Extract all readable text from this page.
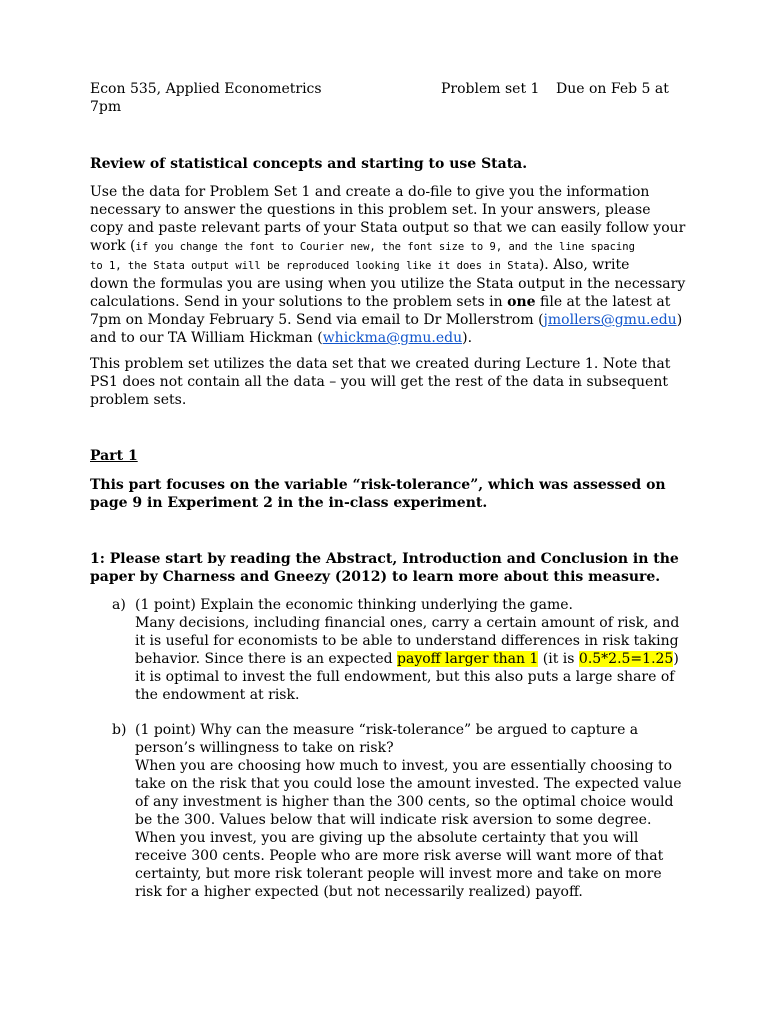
Econ 535, Applied Econometrics	Problem set 1 Due on Feb 5 at
7pm
Review of statistical concepts and starting to use Stata.
Use the data for Problem Set 1 and create a do-file to give you the information
necessary to answer the questions in this problem set. In your answers, please
copy and paste relevant parts of your Stata output so that we can easily follow your
work (if you change the font to Courier new, the font size to 9, and the line spacing
to 1, the Stata output will be reproduced looking like it does in Stata). Also, write
down the formulas you are using when you utilize the Stata output in the necessary
calculations. Send in your solutions to the problem sets in one file at the latest at
7pm on Monday February 5. Send via email to Dr Mollerstrom (jmollers@gmu.edu)
and to our TA William Hickman (whickma@gmu.edu).
This problem set utilizes the data set that we created during Lecture 1. Note that
PS1 does not contain all the data – you will get the rest of the data in subsequent
problem sets.
Part 1
This part focuses on the variable “risk-tolerance”, which was assessed on
page 9 in Experiment 2 in the in-class experiment.
1: Please start by reading the Abstract, Introduction and Conclusion in the
paper by Charness and Gneezy (2012) to learn more about this measure.
a) (1 point) Explain the economic thinking underlying the game.
Many decisions, including financial ones, carry a certain amount of risk, and
it is useful for economists to be able to understand differences in risk taking
behavior. Since there is an expected payoff larger than 1 (it is 0.5*2.5=1.25)
it is optimal to invest the full endowment, but this also puts a large share of
the endowment at risk.
b) (1 point) Why can the measure “risk-tolerance” be argued to capture a
person’s willingness to take on risk?
When you are choosing how much to invest, you are essentially choosing to
take on the risk that you could lose the amount invested. The expected value
of any investment is higher than the 300 cents, so the optimal choice would
be the 300. Values below that will indicate risk aversion to some degree.
When you invest, you are giving up the absolute certainty that you will
receive 300 cents. People who are more risk averse will want more of that
certainty, but more risk tolerant people will invest more and take on more
risk for a higher expected (but not necessarily realized) payoff.
